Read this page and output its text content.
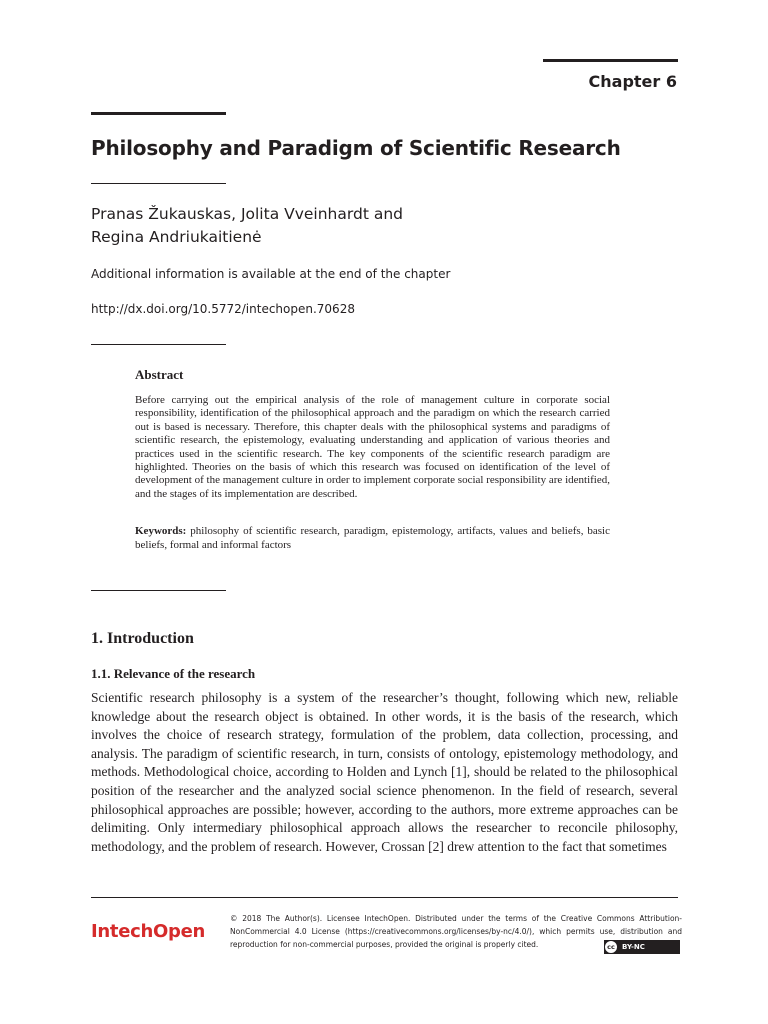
Chapter 6
Philosophy and Paradigm of Scientific Research
Pranas Žukauskas, Jolita Vveinhardt and
Regina Andriukaitienė
Additional information is available at the end of the chapter
http://dx.doi.org/10.5772/intechopen.70628
Abstract

Before carrying out the empirical analysis of the role of management culture in corporate social responsibility, identification of the philosophical approach and the paradigm on which the research carried out is based is necessary. Therefore, this chapter deals with the philosophical systems and paradigms of scientific research, the epistemology, evaluating understanding and application of various theories and practices used in the scientific research. The key components of the scientific research paradigm are highlighted. Theories on the basis of which this research was focused on identification of the level of development of the management culture in order to implement corporate social responsibility are identified, and the stages of its implementation are described.

Keywords: philosophy of scientific research, paradigm, epistemology, artifacts, values and beliefs, basic beliefs, formal and informal factors

1. Introduction
1.1. Relevance of the research

Scientific research philosophy is a system of the researcher’s thought, following which new, reliable knowledge about the research object is obtained. In other words, it is the basis of the research, which involves the choice of research strategy, formulation of the problem, data collection, processing, and analysis. The paradigm of scientific research, in turn, consists of ontology, epistemology methodology, and methods. Methodological choice, according to Holden and Lynch [1], should be related to the philosophical position of the researcher and the analyzed social science phenomenon. In the field of research, several philosophical approaches are possible; however, according to the authors, more extreme approaches can be delimiting. Only intermediary philosophical approach allows the researcher to reconcile philosophy, methodology, and the problem of research. However, Crossan [2] drew attention to the fact that sometimes

IntechOpen
© 2018 The Author(s). Licensee IntechOpen. Distributed under the terms of the Creative Commons Attribution-NonCommercial 4.0 License (https://creativecommons.org/licenses/by-nc/4.0/), which permits use, distribution and reproduction for non-commercial purposes, provided the original is properly cited.	cc	BY-NC
